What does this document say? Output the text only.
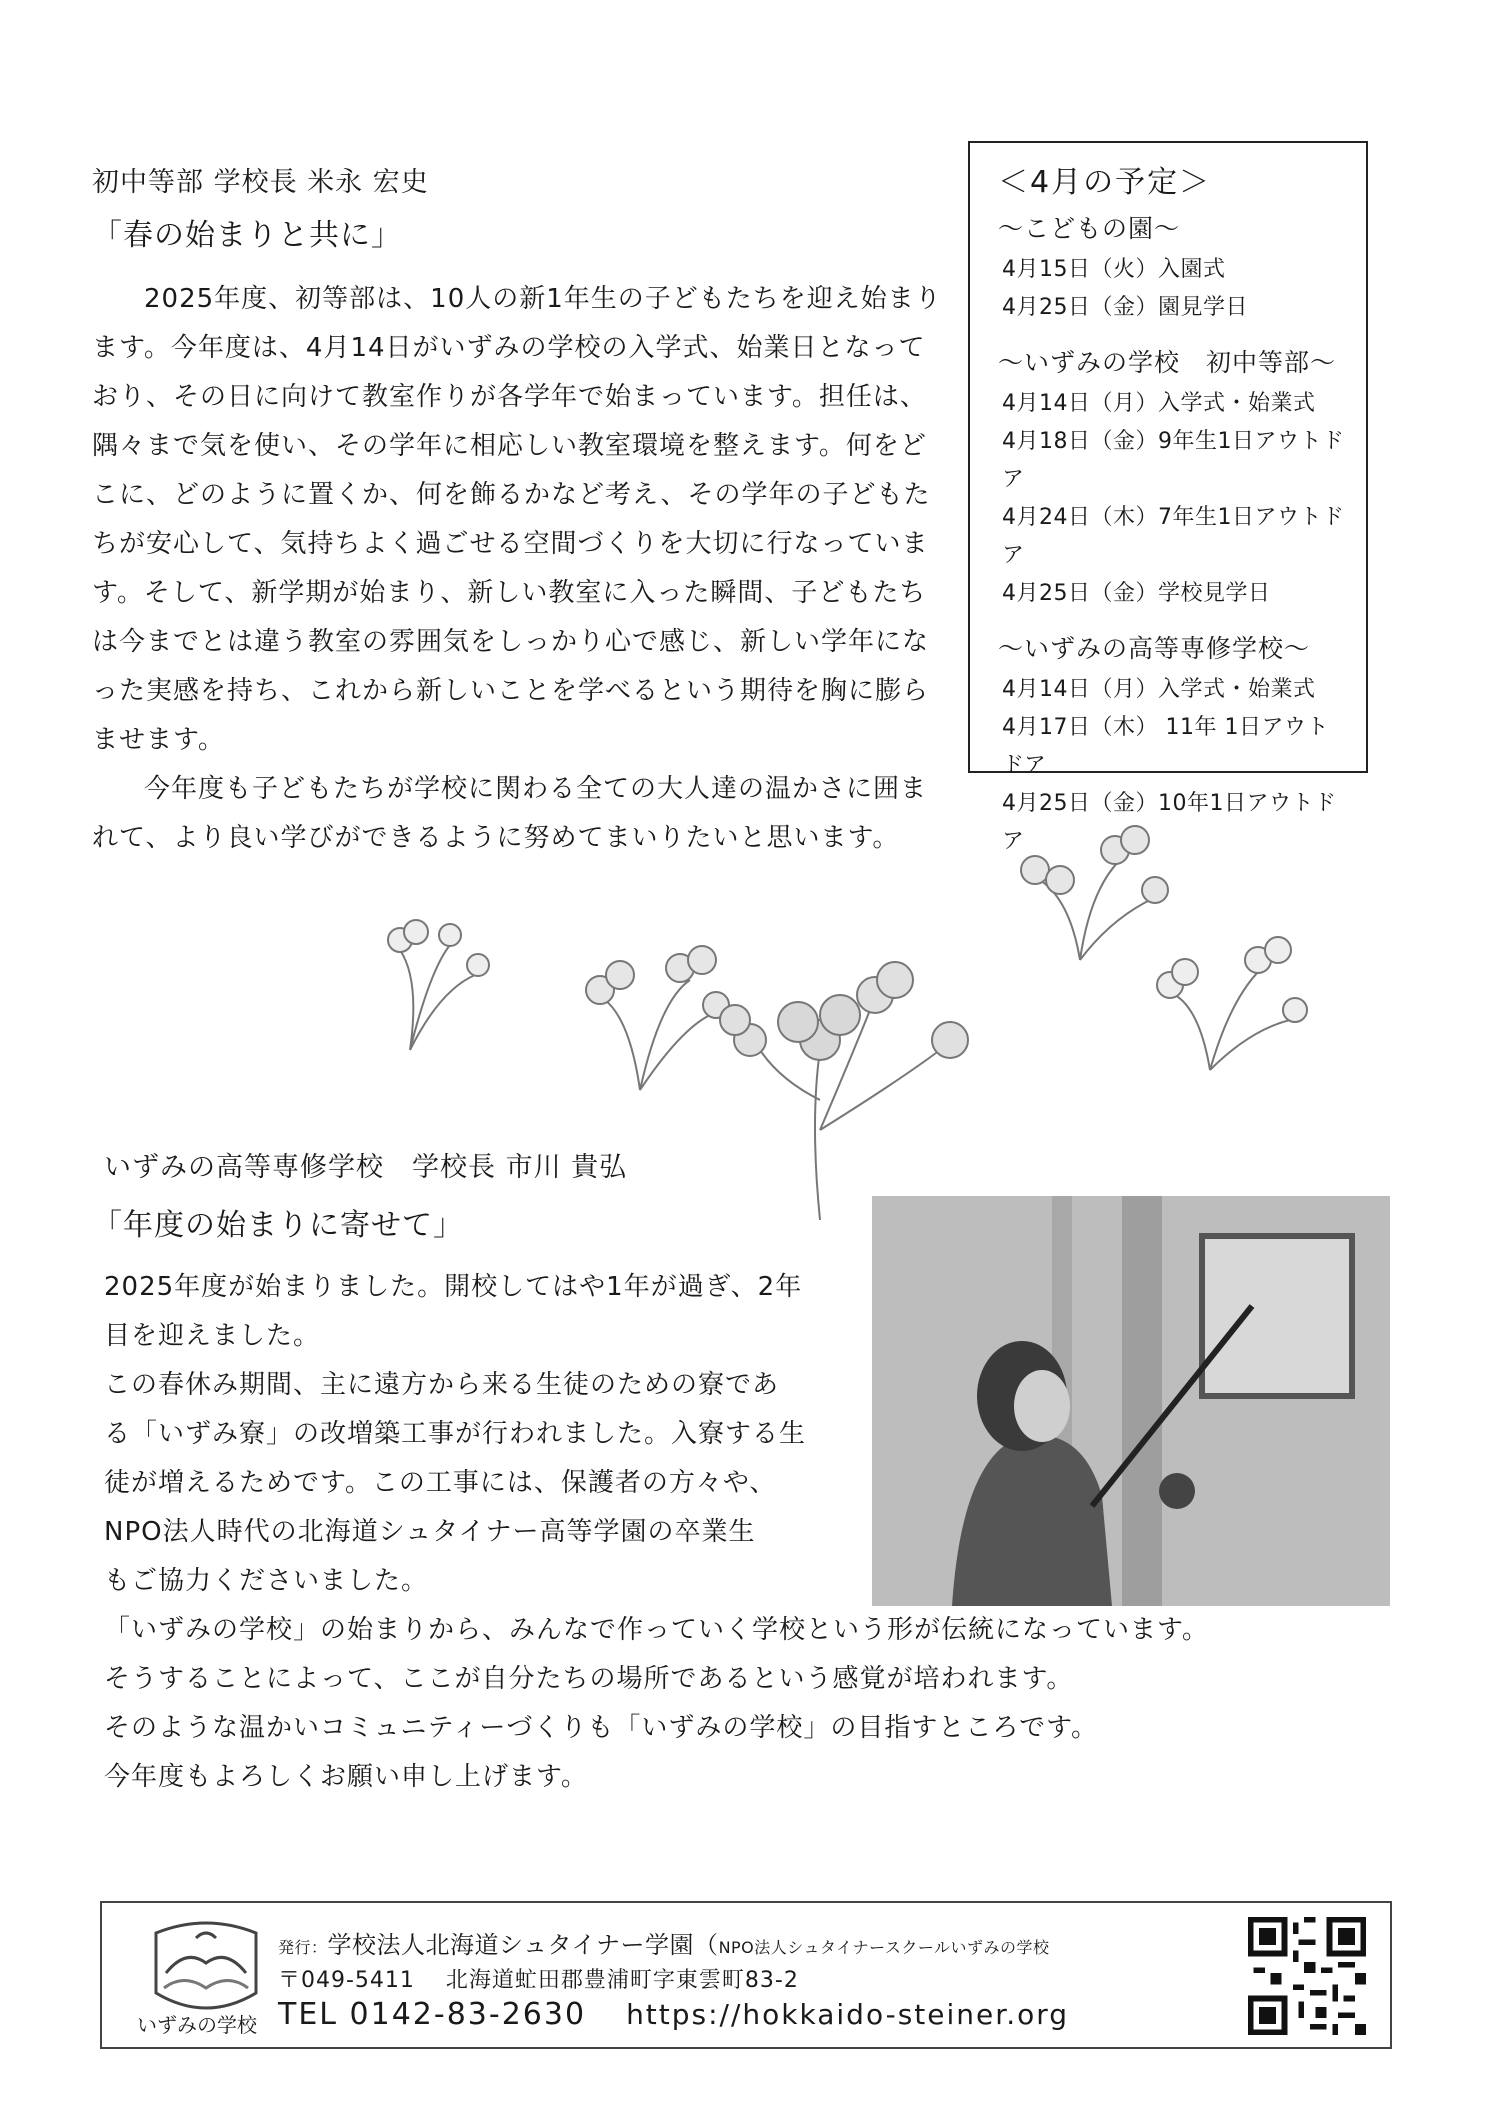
初中等部 学校長 米永 宏史
「春の始まりと共に」

2025年度、初等部は、10人の新1年生の子どもたちを迎え始まります。今年度は、4月14日がいずみの学校の入学式、始業日となっており、その日に向けて教室作りが各学年で始まっています。担任は、隅々まで気を使い、その学年に相応しい教室環境を整えます。何をどこに、どのように置くか、何を飾るかなど考え、その学年の子どもたちが安心して、気持ちよく過ごせる空間づくりを大切に行なっています。そして、新学期が始まり、新しい教室に入った瞬間、子どもたちは今までとは違う教室の雰囲気をしっかり心で感じ、新しい学年になった実感を持ち、これから新しいことを学べるという期待を胸に膨らませます。

今年度も子どもたちが学校に関わる全ての大人達の温かさに囲まれて、より良い学びができるように努めてまいりたいと思います。

＜4月の予定＞
～こどもの園～
4月15日（火）入園式
4月25日（金）園見学日
～いずみの学校　初中等部～
4月14日（月）入学式・始業式
4月18日（金）9年生1日アウトドア
4月24日（木）7年生1日アウトドア
4月25日（金）学校見学日
～いずみの高等専修学校～
4月14日（月）入学式・始業式
4月17日（木） 11年 1日アウトドア
4月25日（金）10年1日アウトドア
いずみの高等専修学校　学校長 市川 貴弘
「年度の始まりに寄せて」

2025年度が始まりました。開校してはや1年が過ぎ、2年

目を迎えました。

この春休み期間、主に遠方から来る生徒のための寮であ

る「いずみ寮」の改増築工事が行われました。入寮する生

徒が増えるためです。この工事には、保護者の方々や、

NPO法人時代の北海道シュタイナー高等学園の卒業生

もご協力くださいました。

「いずみの学校」の始まりから、みんなで作っていく学校という形が伝統になっています。

そうすることによって、ここが自分たちの場所であるという感覚が培われます。

そのような温かいコミュニティーづくりも「いずみの学校」の目指すところです。

今年度もよろしくお願い申し上げます。

いずみの学校
発行：学校法人北海道シュタイナー学園（NPO法人シュタイナースクールいずみの学校
〒049-5411　 北海道虻田郡豊浦町字東雲町83-2
TEL 0142-83-2630 https://hokkaido-steiner.org
